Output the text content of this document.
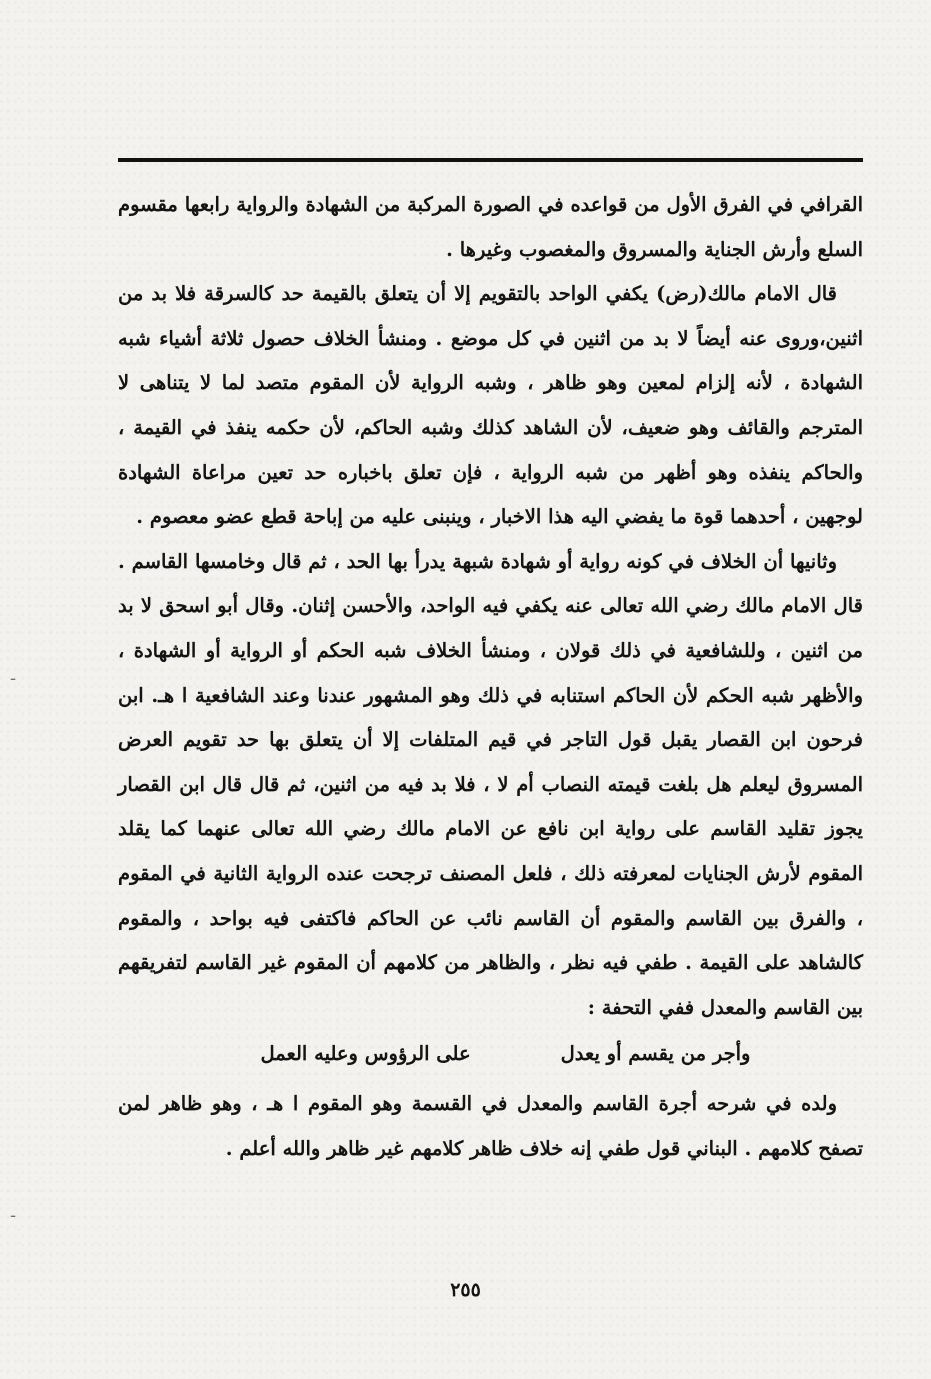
القرافي في الفرق الأول من قواعده في الصورة المركبة من الشهادة والرواية رابعها مقسوم السلع وأرش الجناية والمسروق والمغصوب وغيرها .

قال الامام مالك(رض) يكفي الواحد بالتقويم إلا أن يتعلق بالقيمة حد كالسرقة فلا بد من اثنين،وروى عنه أيضاً لا بد من اثنين في كل موضع . ومنشأ الخلاف حصول ثلاثة أشياء شبه الشهادة ، لأنه إلزام لمعين وهو ظاهر ، وشبه الرواية لأن المقوم متصد لما لا يتناهى لا المترجم والقائف وهو ضعيف، لأن الشاهد كذلك وشبه الحاكم، لأن حكمه ينفذ في القيمة ، والحاكم ينفذه وهو أظهر من شبه الرواية ، فإن تعلق باخباره حد تعين مراعاة الشهادة لوجهين ، أحدهما قوة ما يفضي اليه هذا الاخبار ، وينبنى عليه من إباحة قطع عضو معصوم .

وثانيها أن الخلاف في كونه رواية أو شهادة شبهة يدرأ بها الحد ، ثم قال وخامسها القاسم . قال الامام مالك رضي الله تعالى عنه يكفي فيه الواحد، والأحسن إثنان. وقال أبو اسحق لا بد من اثنين ، وللشافعية في ذلك قولان ، ومنشأ الخلاف شبه الحكم أو الرواية أو الشهادة ، والأظهر شبه الحكم لأن الحاكم استنابه في ذلك وهو المشهور عندنا وعند الشافعية ا هـ. ابن فرحون ابن القصار يقبل قول التاجر في قيم المتلفات إلا أن يتعلق بها حد تقويم العرض المسروق ليعلم هل بلغت قيمته النصاب أم لا ، فلا بد فيه من اثنين، ثم قال قال ابن القصار يجوز تقليد القاسم على رواية ابن نافع عن الامام مالك رضي الله تعالى عنهما كما يقلد المقوم لأرش الجنايات لمعرفته ذلك ، فلعل المصنف ترجحت عنده الرواية الثانية في المقوم ، والفرق بين القاسم والمقوم أن القاسم نائب عن الحاكم فاكتفى فيه بواحد ، والمقوم كالشاهد على القيمة . طفي فيه نظر ، والظاهر من كلامهم أن المقوم غير القاسم لتفريقهم بين القاسم والمعدل ففي التحفة :

وأجر من يقسم أو يعدل
على الرؤوس وعليه العمل

ولده في شرحه أجرة القاسم والمعدل في القسمة وهو المقوم ا هـ ، وهو ظاهر لمن تصفح كلامهم . البناني قول طفي إنه خلاف ظاهر كلامهم غير ظاهر والله أعلم .

٢٥٥
-
-
